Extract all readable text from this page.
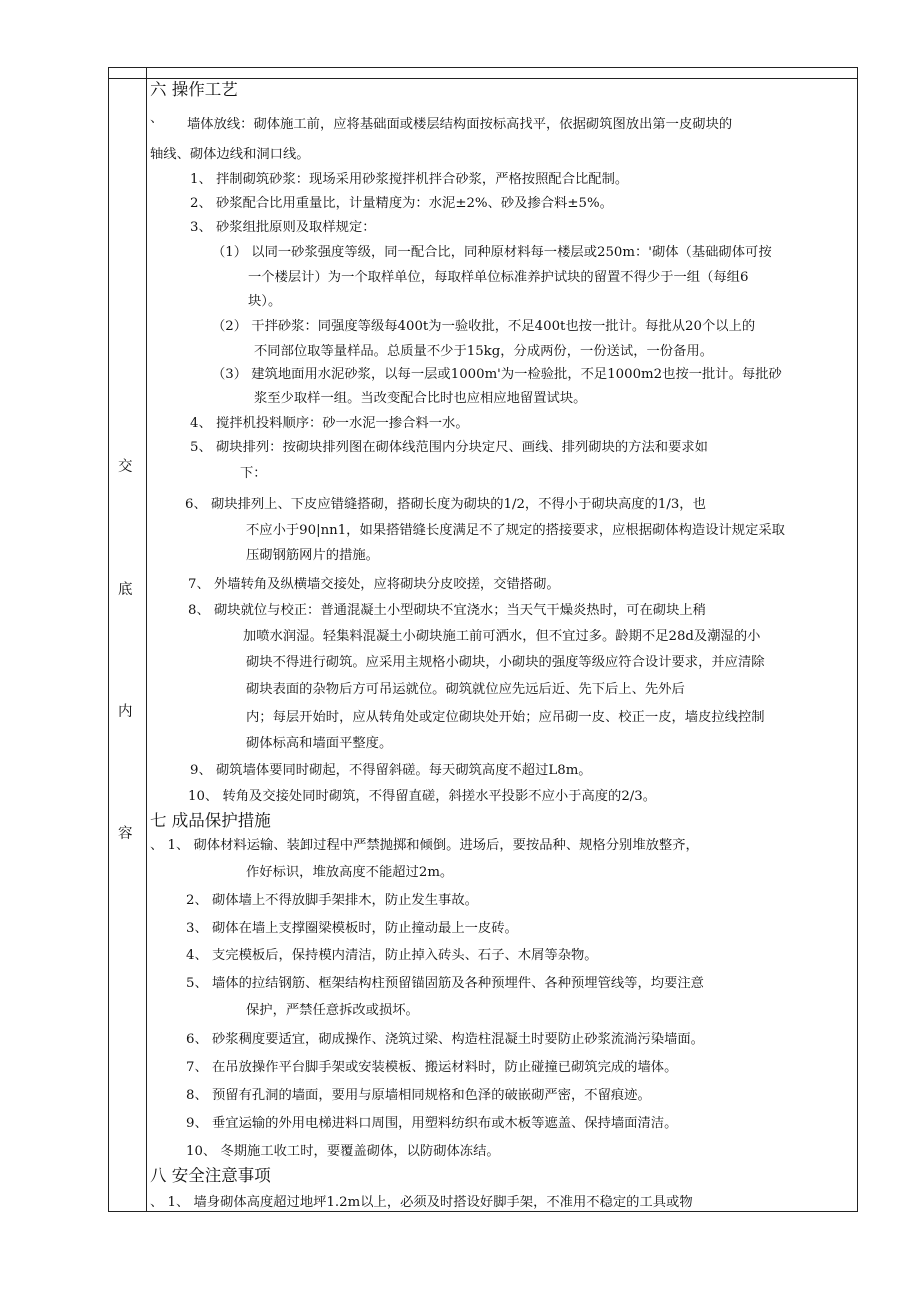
交
底
内
容
六 操作工艺
、 墙体放线：砌体施工前，应将基础面或楼层结构面按标高找平，依据砌筑图放出第一皮砌块的
轴线、砌体边线和洞口线。
1、 拌制砌筑砂浆：现场采用砂浆搅拌机拌合砂浆，严格按照配合比配制。
2、 砂浆配合比用重量比，计量精度为：水泥±2%、砂及掺合料±5%。
3、 砂浆组批原则及取样规定：
（1） 以同一砂浆强度等级，同一配合比，同种原材料每一楼层或250m：'砌体（基础砌体可按
一个楼层计）为一个取样单位，每取样单位标准养护试块的留置不得少于一组（每组6
块）。
（2） 干拌砂浆：同强度等级每400t为一验收批，不足400t也按一批计。每批从20个以上的
不同部位取等量样品。总质量不少于15kg，分成两份，一份送试，一份备用。
（3） 建筑地面用水泥砂浆，以每一层或1000m'为一检验批，不足1000m2也按一批计。每批砂
浆至少取样一组。当改变配合比时也应相应地留置试块。
4、 搅拌机投料顺序：砂一水泥一掺合料一水。
5、 砌块排列：按砌块排列图在砌体线范围内分块定尺、画线、排列砌块的方法和要求如
下：
6、 砌块排列上、下皮应错缝搭砌，搭砌长度为砌块的1/2，不得小于砌块高度的1/3，也
不应小于90|nn1，如果搭错缝长度满足不了规定的搭接要求，应根据砌体构造设计规定采取
压砌钢筋网片的措施。
7、 外墙转角及纵横墙交接处，应将砌块分皮咬搓，交错搭砌。
8、 砌块就位与校正：普通混凝土小型砌块不宜浇水；当天气干燥炎热时，可在砌块上稍
加喷水润湿。轻集料混凝土小砌块施工前可洒水，但不宜过多。龄期不足28d及潮湿的小
砌块不得进行砌筑。应采用主规格小砌块，小砌块的强度等级应符合设计要求，并应清除
砌块表面的杂物后方可吊运就位。砌筑就位应先远后近、先下后上、先外后
内；每层开始时，应从转角处或定位砌块处开始；应吊砌一皮、校正一皮，墙皮拉线控制
砌体标高和墙面平整度。
9、 砌筑墙体要同时砌起，不得留斜磋。每天砌筑高度不超过L8m。
10、 转角及交接处同时砌筑，不得留直磋，斜搓水平投影不应小于高度的2/3。
七 成品保护措施
、 1、 砌体材料运输、装卸过程中严禁抛掷和倾倒。进场后，要按品种、规格分别堆放整齐，
作好标识，堆放高度不能超过2m。
2、 砌体墙上不得放脚手架排木，防止发生事故。
3、 砌体在墙上支撑圈梁模板时，防止撞动最上一皮砖。
4、 支完模板后，保持模内清洁，防止掉入砖头、石子、木屑等杂物。
5、 墙体的拉结钢筋、框架结构柱预留锚固筋及各种预埋件、各种预埋管线等，均要注意
保护，严禁任意拆改或损坏。
6、 砂浆稠度要适宜，砌成操作、浇筑过梁、构造柱混凝土时要防止砂浆流淌污染墙面。
7、 在吊放操作平台脚手架或安装模板、搬运材料时，防止碰撞已砌筑完成的墙体。
8、 预留有孔洞的墙面，要用与原墙相同规格和色泽的破嵌砌严密，不留痕迹。
9、 垂宜运输的外用电梯进料口周围，用塑料纺织布或木板等遮盖、保持墙面清洁。
10、 冬期施工收工时，要覆盖砌体，以防砌体冻结。
八 安全注意事项
、 1、 墙身砌体高度超过地坪1.2m以上，必须及时搭设好脚手架，不准用不稳定的工具或物
